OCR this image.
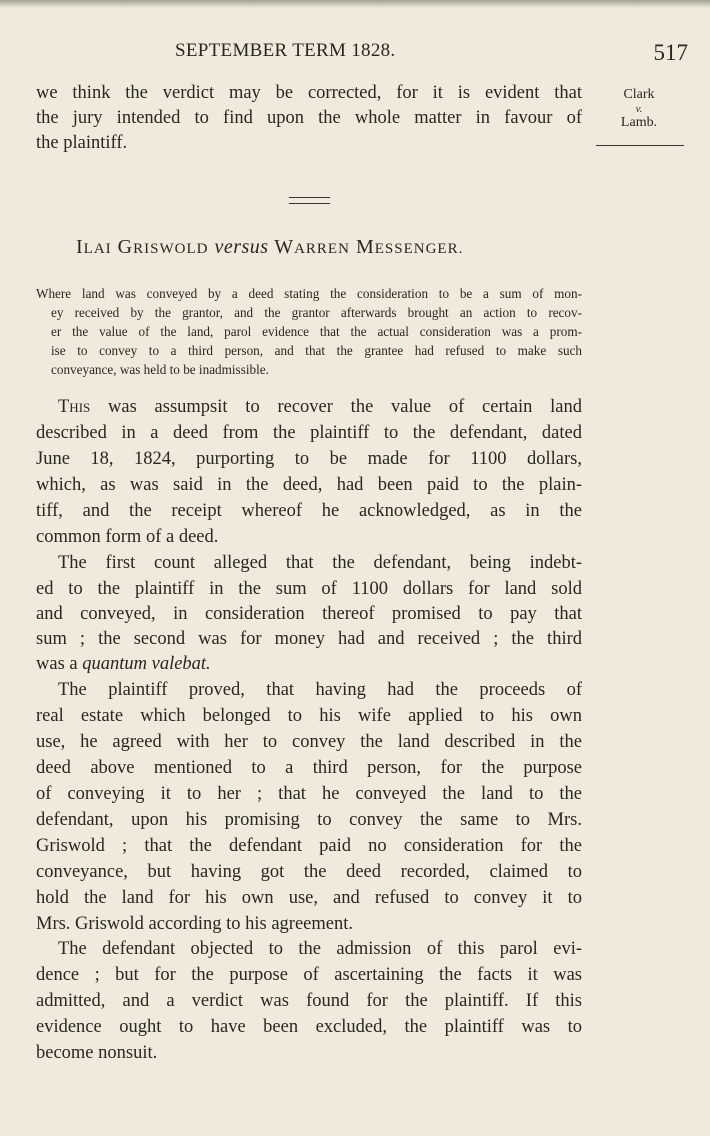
SEPTEMBER TERM 1828.	517
we think the verdict may be corrected, for it is evident that
the jury intended to find upon the whole matter in favour of
the plaintiff.
Clark
v.
Lamb.
ILAI GRISWOLD versus WARREN MESSENGER.
Where land was conveyed by a deed stating the consideration to be a sum of mon-
ey received by the grantor, and the grantor afterwards brought an action to recov-
er the value of the land, parol evidence that the actual consideration was a prom-
ise to convey to a third person, and that the grantee had refused to make such
conveyance, was held to be inadmissible.
This was assumpsit to recover the value of certain land
described in a deed from the plaintiff to the defendant, dated
June 18, 1824, purporting to be made for 1100 dollars,
which, as was said in the deed, had been paid to the plain-
tiff, and the receipt whereof he acknowledged, as in the
common form of a deed.
The first count alleged that the defendant, being indebt-
ed to the plaintiff in the sum of 1100 dollars for land sold
and conveyed, in consideration thereof promised to pay that
sum ; the second was for money had and received ; the third
was a quantum valebat.
The plaintiff proved, that having had the proceeds of
real estate which belonged to his wife applied to his own
use, he agreed with her to convey the land described in the
deed above mentioned to a third person, for the purpose
of conveying it to her ; that he conveyed the land to the
defendant, upon his promising to convey the same to Mrs.
Griswold ; that the defendant paid no consideration for the
conveyance, but having got the deed recorded, claimed to
hold the land for his own use, and refused to convey it to
Mrs. Griswold according to his agreement.
The defendant objected to the admission of this parol evi-
dence ; but for the purpose of ascertaining the facts it was
admitted, and a verdict was found for the plaintiff. If this
evidence ought to have been excluded, the plaintiff was to
become nonsuit.
